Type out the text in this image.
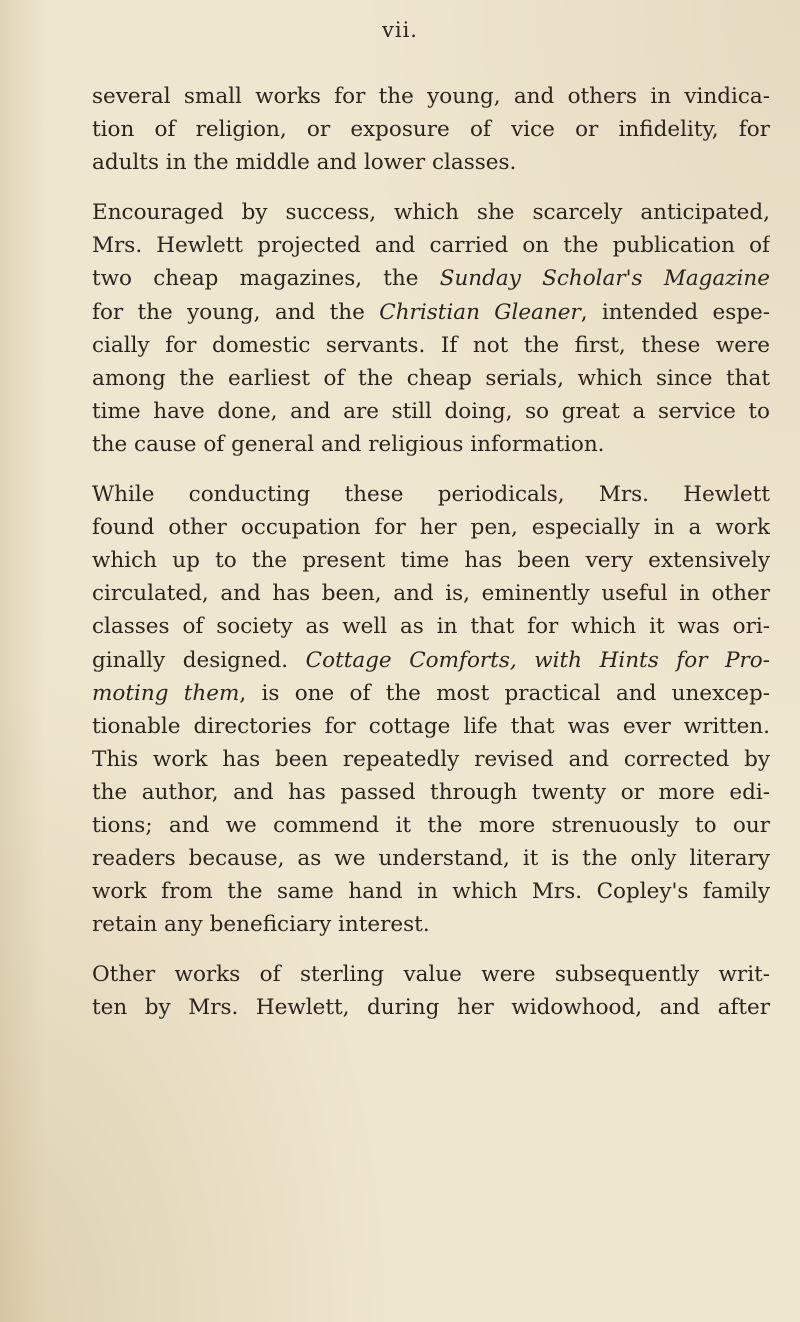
vii.

several small works for the young, and others in vindica-
tion of religion, or exposure of vice or infidelity, for
adults in the middle and lower classes.

Encouraged by success, which she scarcely anticipated,
Mrs. Hewlett projected and carried on the publication of
two cheap magazines, the Sunday Scholar's Magazine
for the young, and the Christian Gleaner, intended espe-
cially for domestic servants. If not the first, these were
among the earliest of the cheap serials, which since that
time have done, and are still doing, so great a service to
the cause of general and religious information.

While conducting these periodicals, Mrs. Hewlett
found other occupation for her pen, especially in a work
which up to the present time has been very extensively
circulated, and has been, and is, eminently useful in other
classes of society as well as in that for which it was ori-
ginally designed. Cottage Comforts, with Hints for Pro-
moting them, is one of the most practical and unexcep-
tionable directories for cottage life that was ever written.
This work has been repeatedly revised and corrected by
the author, and has passed through twenty or more edi-
tions; and we commend it the more strenuously to our
readers because, as we understand, it is the only literary
work from the same hand in which Mrs. Copley's family
retain any beneficiary interest.

Other works of sterling value were subsequently writ-
ten by Mrs. Hewlett, during her widowhood, and after
